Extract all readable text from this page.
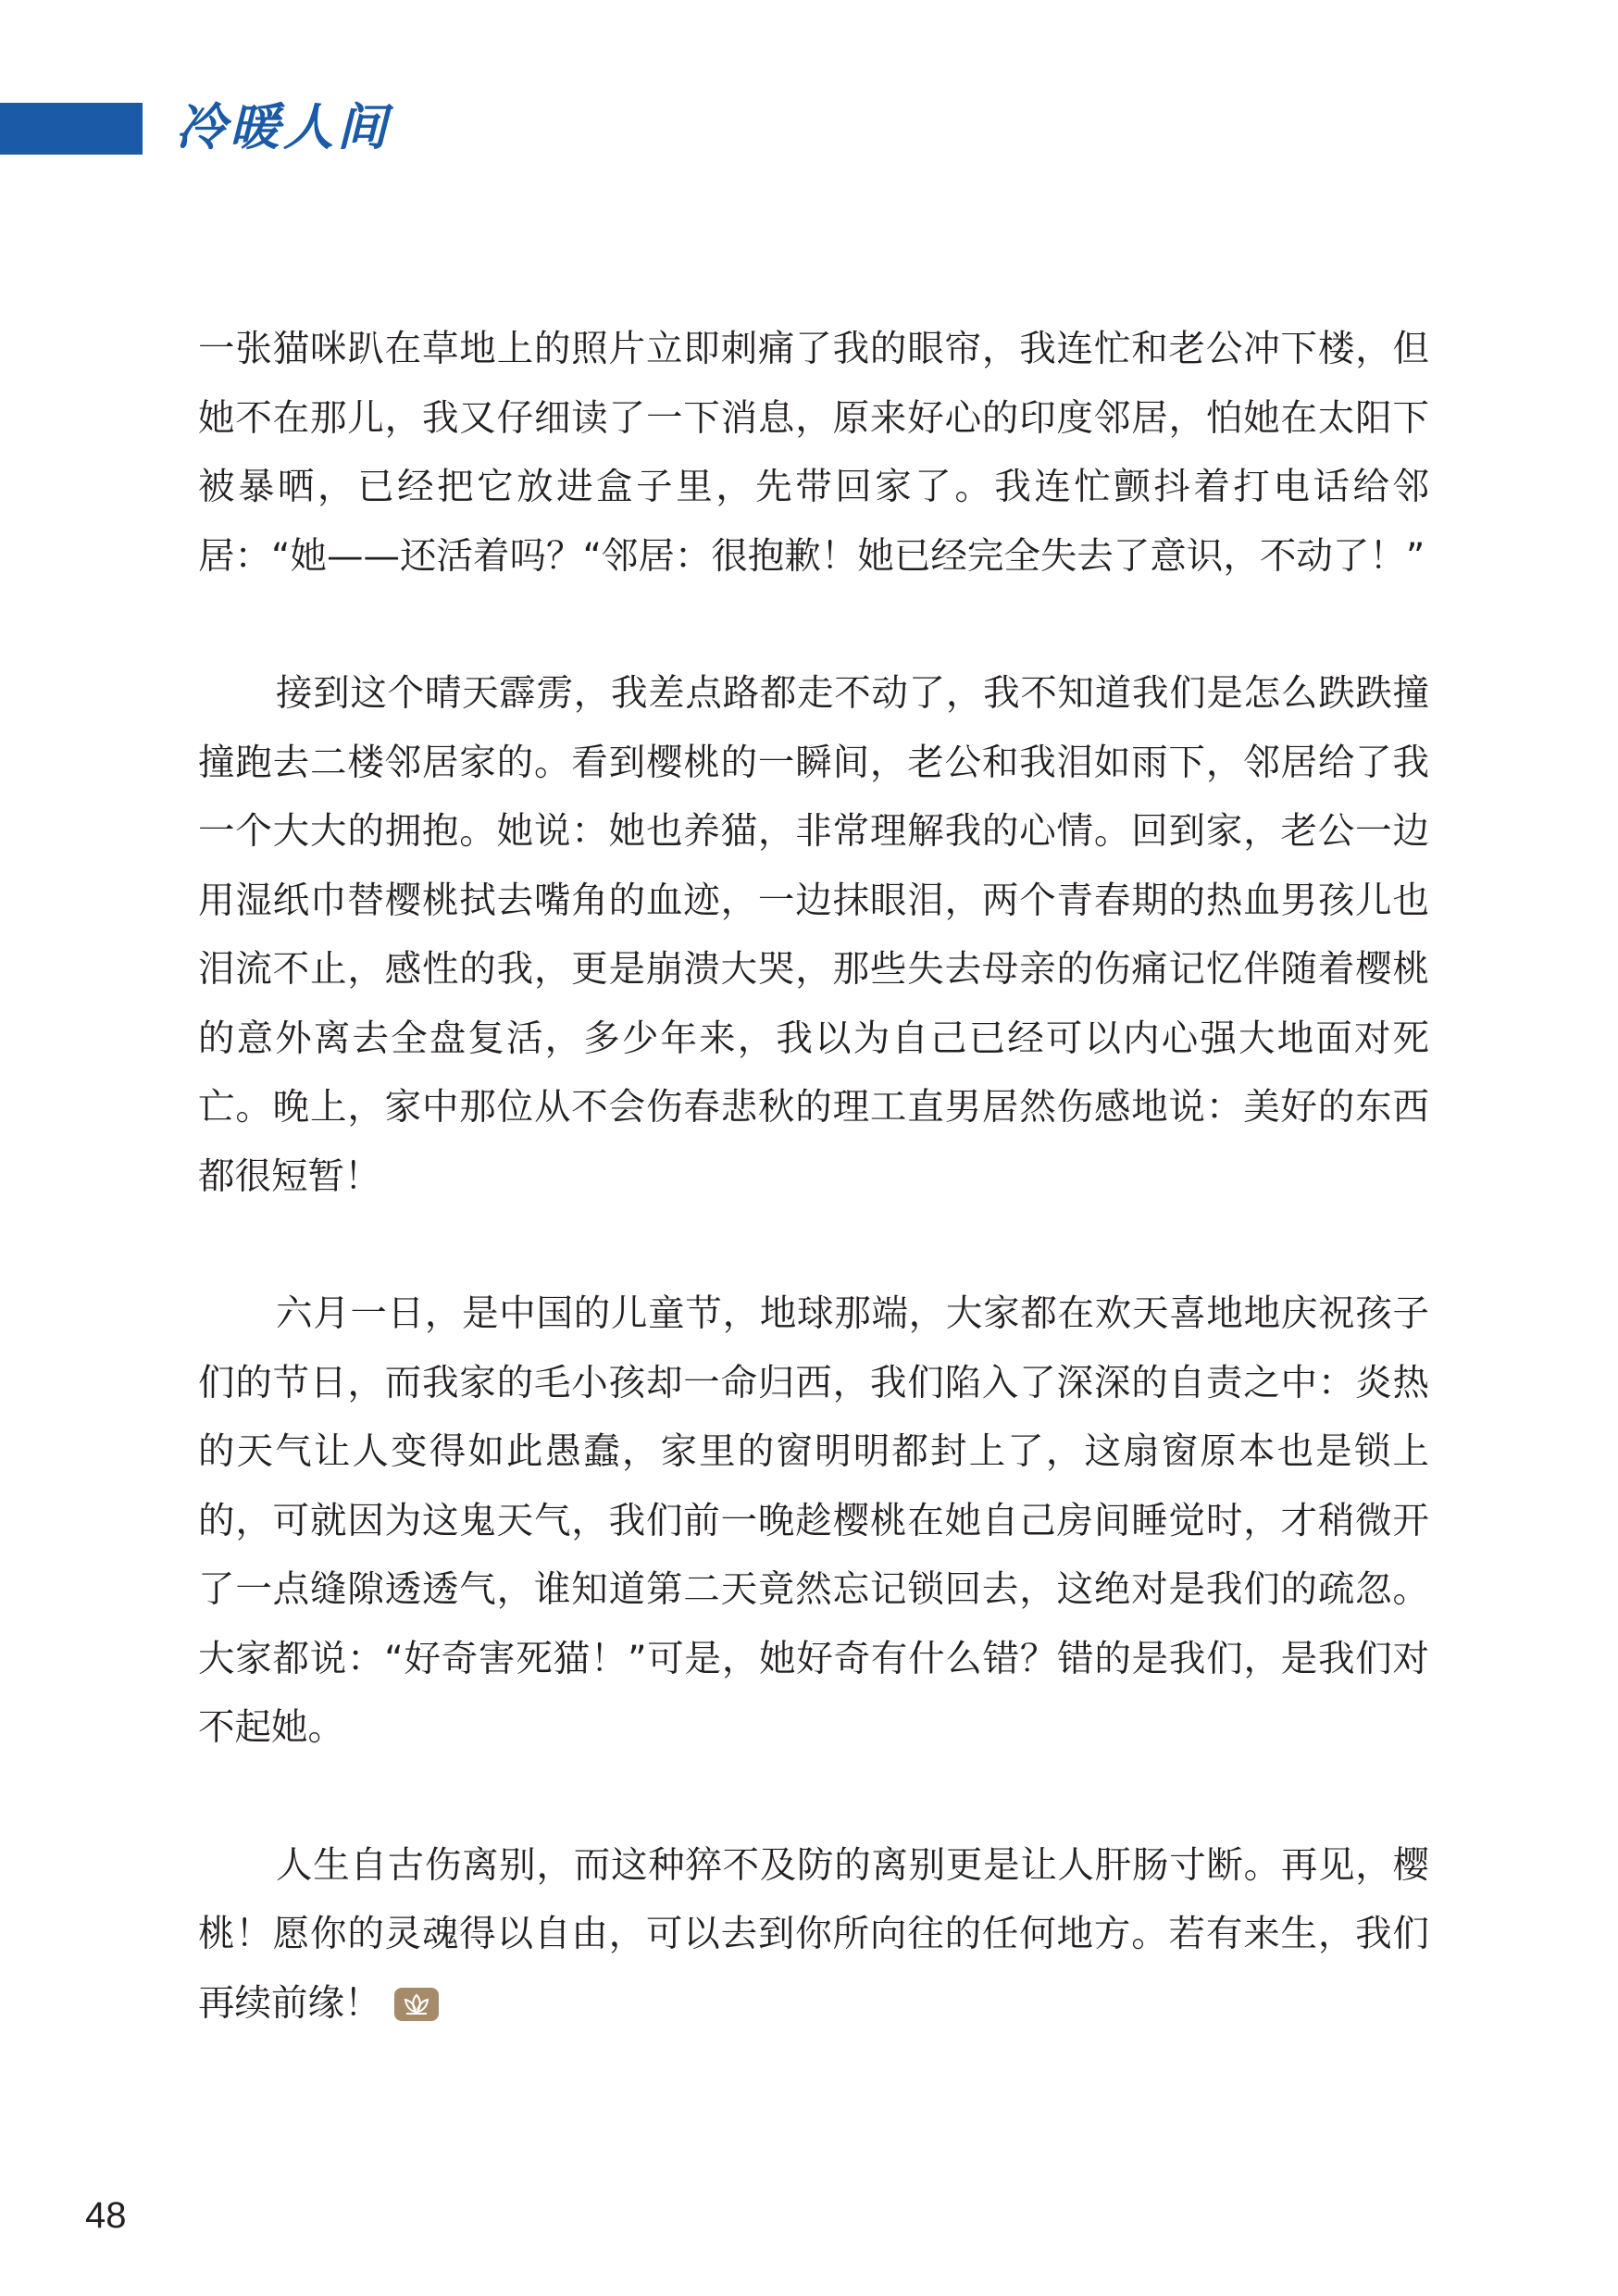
冷暖人间

一张猫咪趴在草地上的照片立即刺痛了我的眼帘，我连忙和老公冲下楼，但她不在那儿，我又仔细读了一下消息，原来好心的印度邻居，怕她在太阳下被暴晒，已经把它放进盒子里，先带回家了。我连忙颤抖着打电话给邻居：“她——还活着吗？“邻居：很抱歉！她已经完全失去了意识，不动了！”

接到这个晴天霹雳，我差点路都走不动了，我不知道我们是怎么跌跌撞撞跑去二楼邻居家的。看到樱桃的一瞬间，老公和我泪如雨下，邻居给了我一个大大的拥抱。她说：她也养猫，非常理解我的心情。回到家，老公一边用湿纸巾替樱桃拭去嘴角的血迹，一边抹眼泪，两个青春期的热血男孩儿也泪流不止，感性的我，更是崩溃大哭，那些失去母亲的伤痛记忆伴随着樱桃的意外离去全盘复活，多少年来，我以为自己已经可以内心强大地面对死亡。晚上，家中那位从不会伤春悲秋的理工直男居然伤感地说：美好的东西都很短暂！

六月一日，是中国的儿童节，地球那端，大家都在欢天喜地地庆祝孩子们的节日，而我家的毛小孩却一命归西，我们陷入了深深的自责之中：炎热的天气让人变得如此愚蠢，家里的窗明明都封上了，这扇窗原本也是锁上的，可就因为这鬼天气，我们前一晚趁樱桃在她自己房间睡觉时，才稍微开了一点缝隙透透气，谁知道第二天竟然忘记锁回去，这绝对是我们的疏忽。大家都说：“好奇害死猫！”可是，她好奇有什么错？错的是我们，是我们对不起她。

人生自古伤离别，而这种猝不及防的离别更是让人肝肠寸断。再见，樱桃！愿你的灵魂得以自由，可以去到你所向往的任何地方。若有来生，我们再续前缘！

48
